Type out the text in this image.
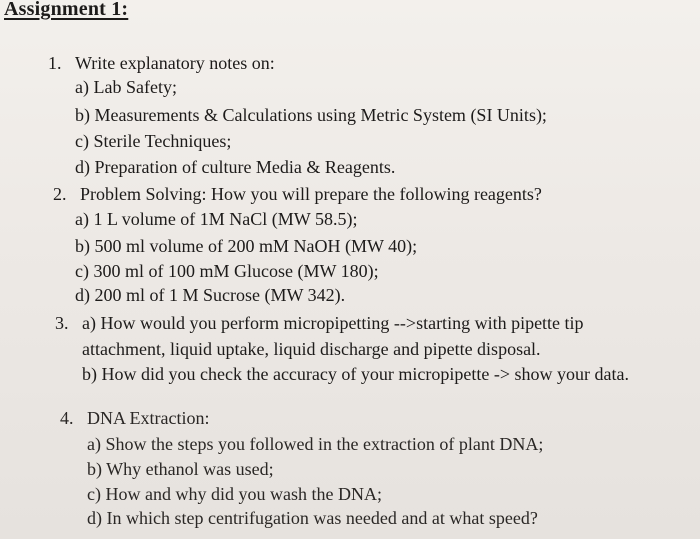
Assignment 1:
1. Write explanatory notes on:
a) Lab Safety;
b) Measurements & Calculations using Metric System (SI Units);
c) Sterile Techniques;
d) Preparation of culture Media & Reagents.
2. Problem Solving: How you will prepare the following reagents?
a) 1 L volume of 1M NaCl (MW 58.5);
b) 500 ml volume of 200 mM NaOH (MW 40);
c) 300 ml of 100 mM Glucose (MW 180);
d) 200 ml of 1 M Sucrose (MW 342).
3. a) How would you perform micropipetting -->starting with pipette tip
attachment, liquid uptake, liquid discharge and pipette disposal.
b) How did you check the accuracy of your micropipette -> show your data.
4. DNA Extraction:
a) Show the steps you followed in the extraction of plant DNA;
b) Why ethanol was used;
c) How and why did you wash the DNA;
d) In which step centrifugation was needed and at what speed?
